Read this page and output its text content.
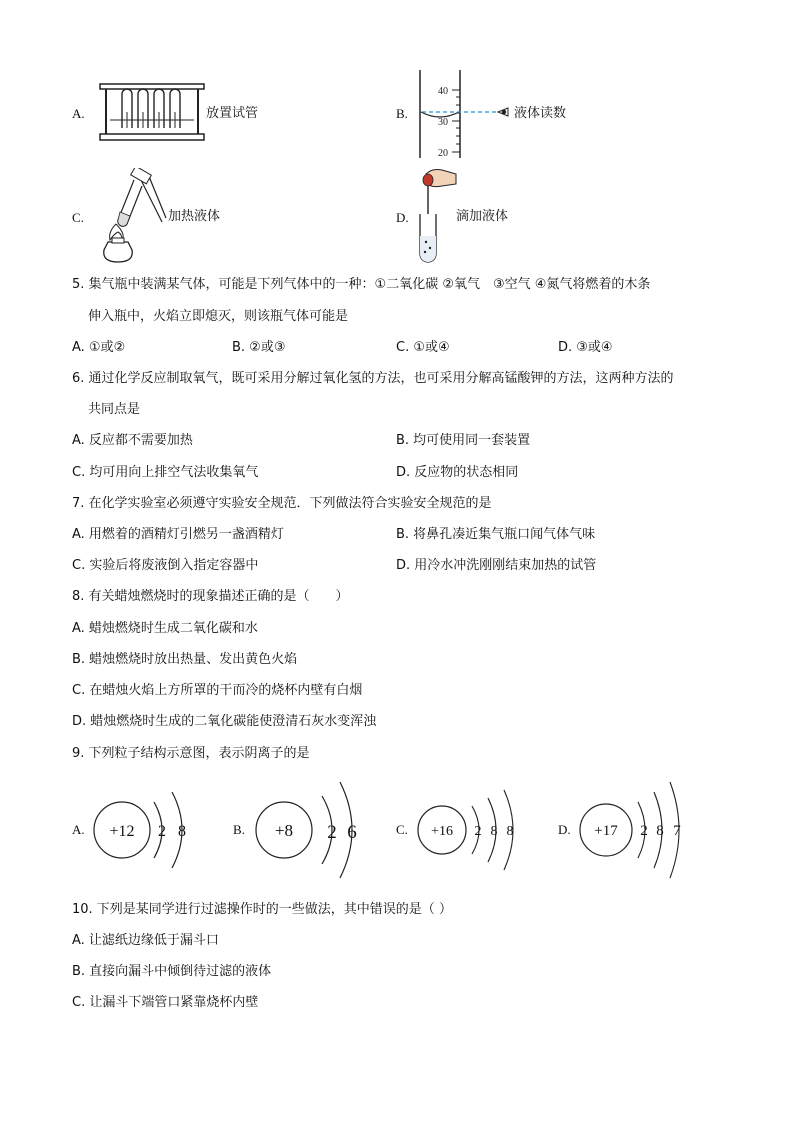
A.	放置试管	B.
40
30
20
液体读数
C.	加热液体	D.	滴加液体
5. 集气瓶中装满某气体，可能是下列气体中的一种：①二氧化碳 ②氧气　③空气 ④氮气将燃着的木条
伸入瓶中，火焰立即熄灭，则该瓶气体可能是
A. ①或②	B. ②或③	C. ①或④	D. ③或④
6. 通过化学反应制取氧气，既可采用分解过氧化氢的方法，也可采用分解高锰酸钾的方法，这两种方法的
共同点是
A. 反应都不需要加热	B. 均可使用同一套装置
C. 均可用向上排空气法收集氧气	D. 反应物的状态相同
7. 在化学实验室必须遵守实验安全规范．下列做法符合实验安全规范的是
A. 用燃着的酒精灯引燃另一盏酒精灯	B. 将鼻孔凑近集气瓶口闻气体气味
C. 实验后将废液倒入指定容器中	D. 用冷水冲洗刚刚结束加热的试管
8. 有关蜡烛燃烧时的现象描述正确的是（　　）
A. 蜡烛燃烧时生成二氧化碳和水
B. 蜡烛燃烧时放出热量、发出黄色火焰
C. 在蜡烛火焰上方所罩的干而冷的烧杯内壁有白烟
D. 蜡烛燃烧时生成的二氧化碳能使澄清石灰水变浑浊
9. 下列粒子结构示意图，表示阴离子的是
A. +12 2 8	B. +8 2 6	C. +16 2 8 8	D. +17 2 8 7
10. 下列是某同学进行过滤操作时的一些做法，其中错误的是（ ）
A. 让滤纸边缘低于漏斗口
B. 直接向漏斗中倾倒待过滤的液体
C. 让漏斗下端管口紧靠烧杯内壁
